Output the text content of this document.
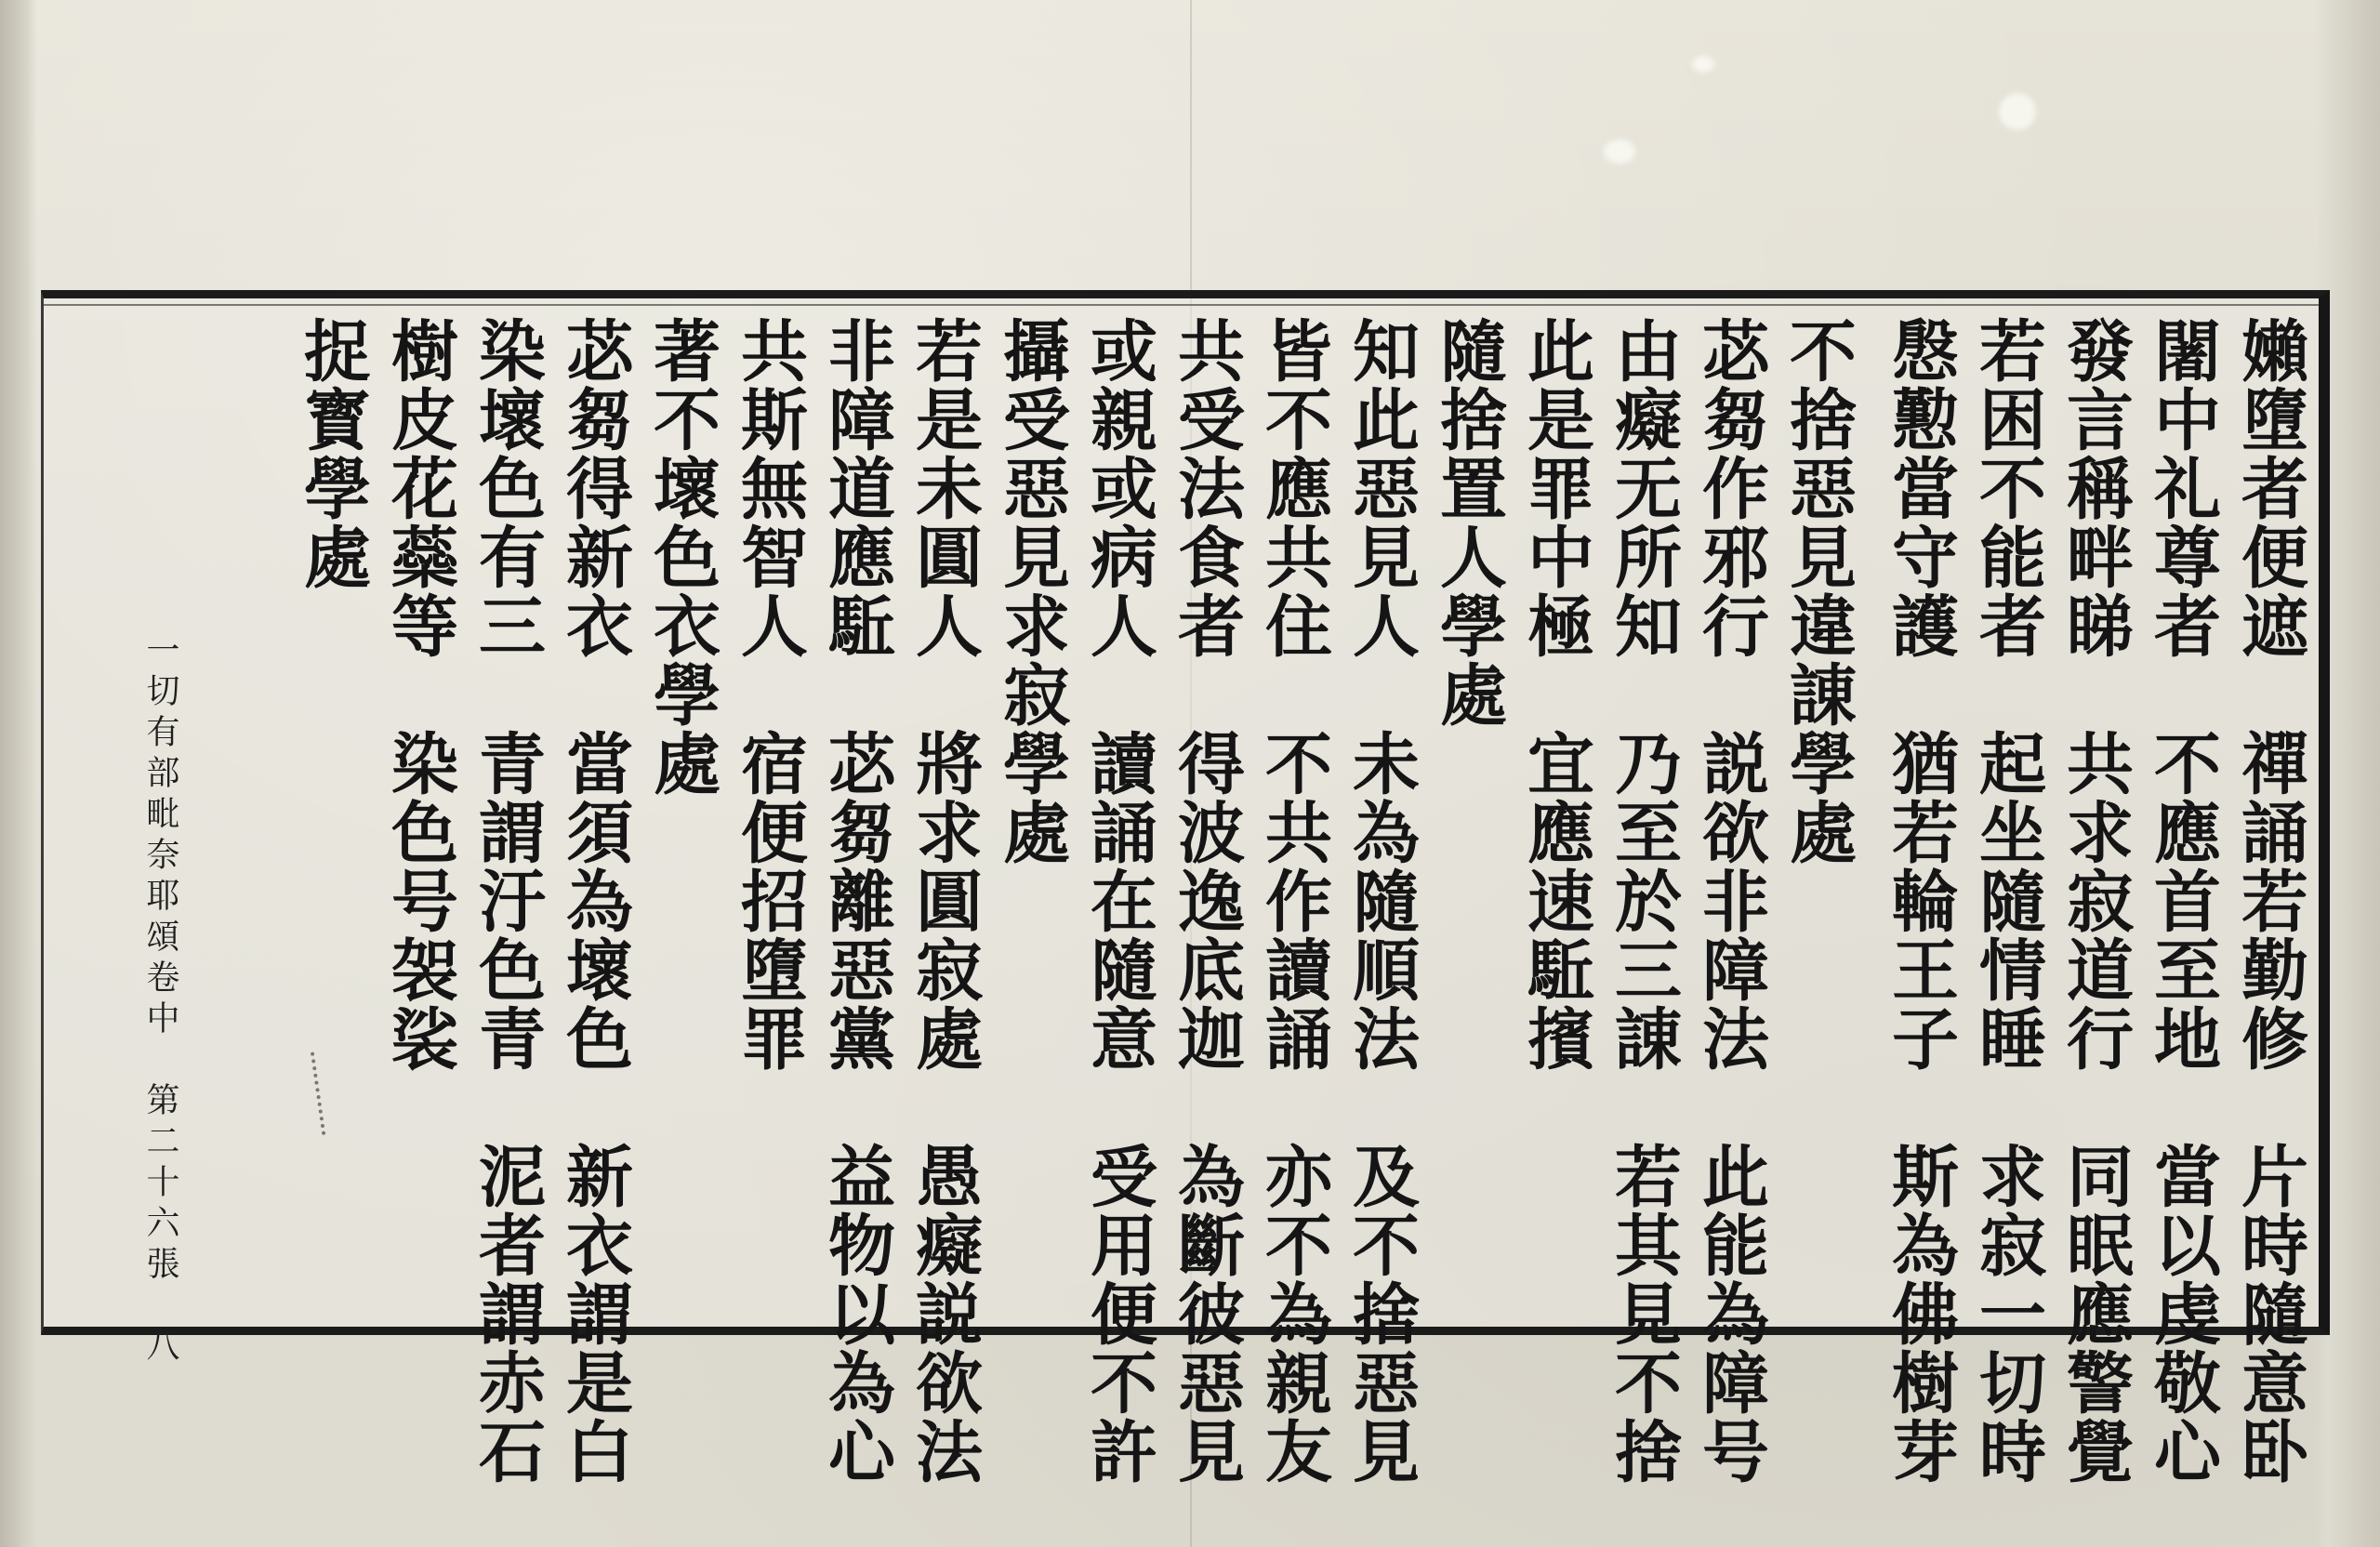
嬾墮者便遮　禪誦若勤修　片時隨意卧
闍中礼尊者　不應首至地　當以虔敬心
發言稱畔睇　共求寂道行　同眠應警覺
若困不能者　起坐隨情睡　求寂一切時
慇懃當守護　猶若輪王子　斯為佛樹芽
不捨惡見違諌學處
苾芻作邪行　説欲非障法　此能為障号
由癡无所知　乃至於三諌　若其見不捨
此是罪中極　宜應速駈擯
隨捨置人學處
知此惡見人　未為隨順法　及不捨惡見
皆不應共住　不共作讀誦　亦不為親友
共受法食者　得波逸底迦　為斷彼惡見
或親或病人　讀誦在隨意　受用便不許
攝受惡見求寂學處
若是未圓人　將求圓寂處　愚癡説欲法
非障道應駈　苾芻離惡黨　益物以為心
共斯無智人　宿便招墮罪
著不壞色衣學處
苾芻得新衣　當須為壞色　新衣謂是白
染壞色有三　青謂汙色青　泥者謂赤石
樹皮花蘂等　染色号袈裟
捉寳學處
一切有部毗奈耶頌卷中　第二十六張　八
